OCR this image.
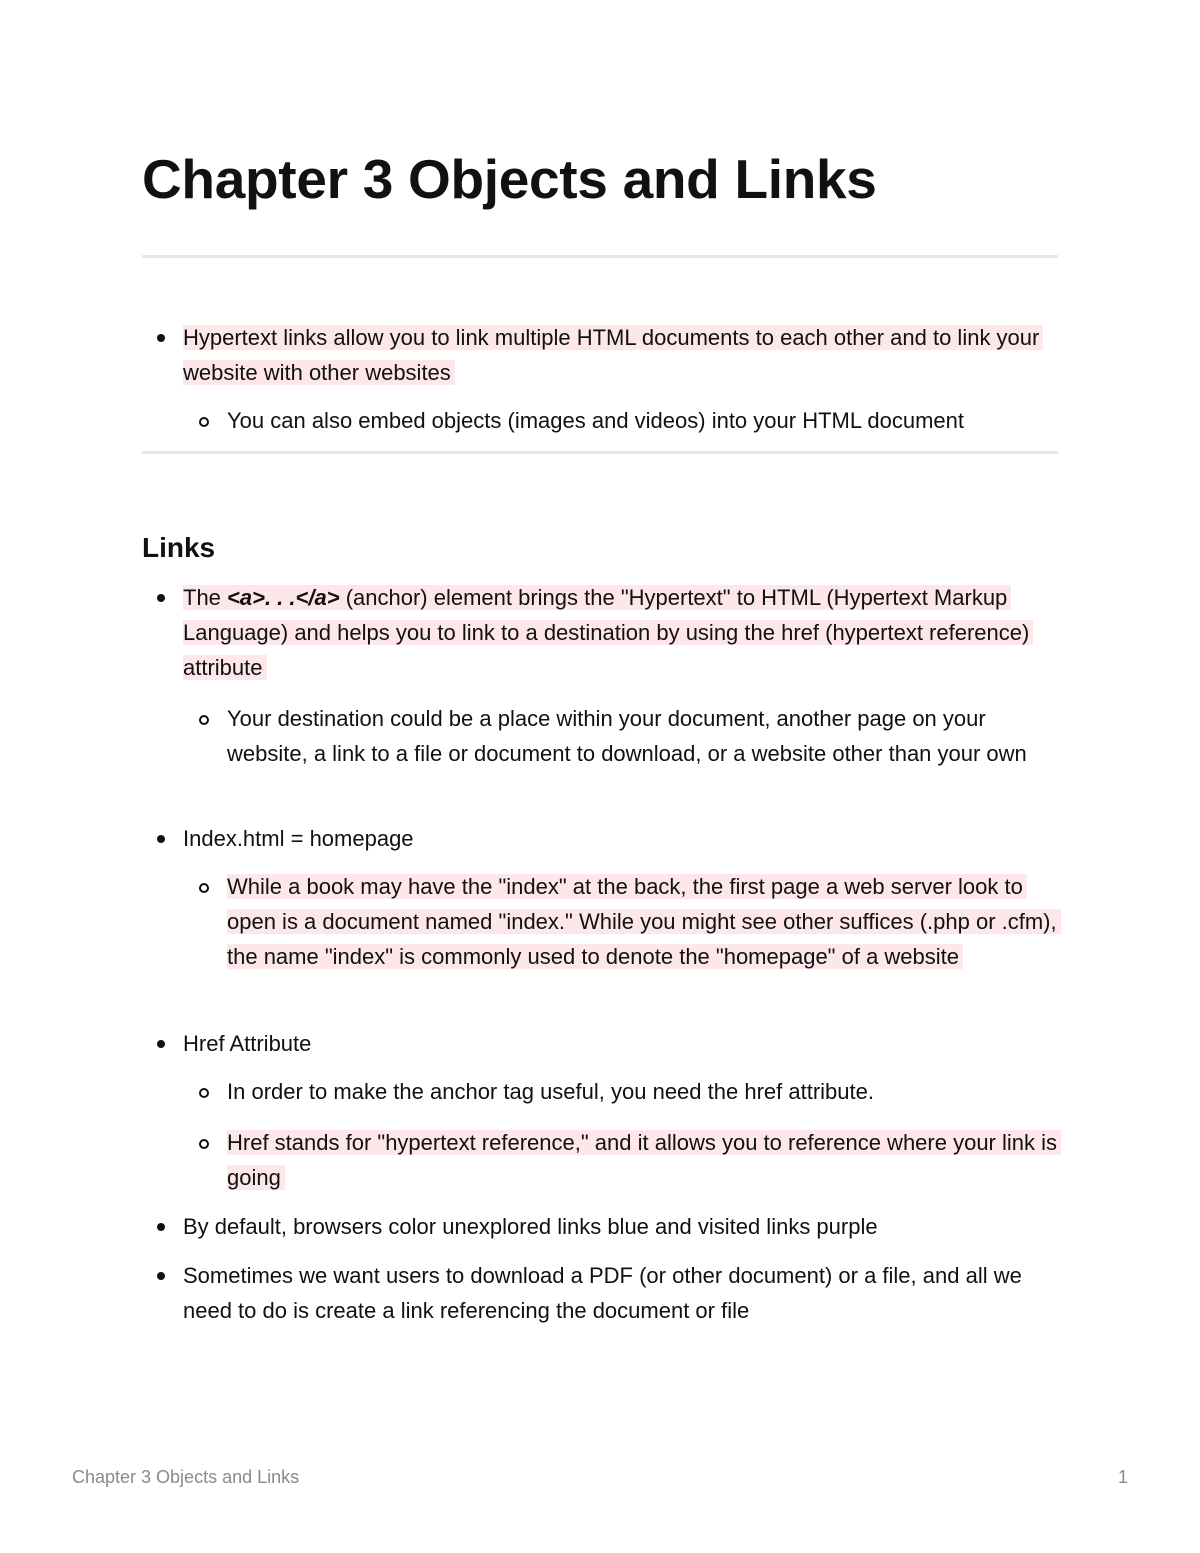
Chapter 3 Objects and Links

Hypertext links allow you to link multiple HTML documents to each other and to link your website with other websites

You can also embed objects (images and videos) into your HTML document

Links

The <a>. . .</a> (anchor) element brings the "Hypertext" to HTML (Hypertext Markup Language) and helps you to link to a destination by using the href (hypertext reference) attribute

Your destination could be a place within your document, another page on your website, a link to a file or document to download, or a website other than your own

Index.html = homepage

While a book may have the "index" at the back, the first page a web server look to open is a document named "index." While you might see other suffices (.php or .cfm), the name "index" is commonly used to denote the "homepage" of a website

Href Attribute

In order to make the anchor tag useful, you need the href attribute.

Href stands for "hypertext reference," and it allows you to reference where your link is going

By default, browsers color unexplored links blue and visited links purple

Sometimes we want users to download a PDF (or other document) or a file, and all we need to do is create a link referencing the document or file

Chapter 3 Objects and Links	1
